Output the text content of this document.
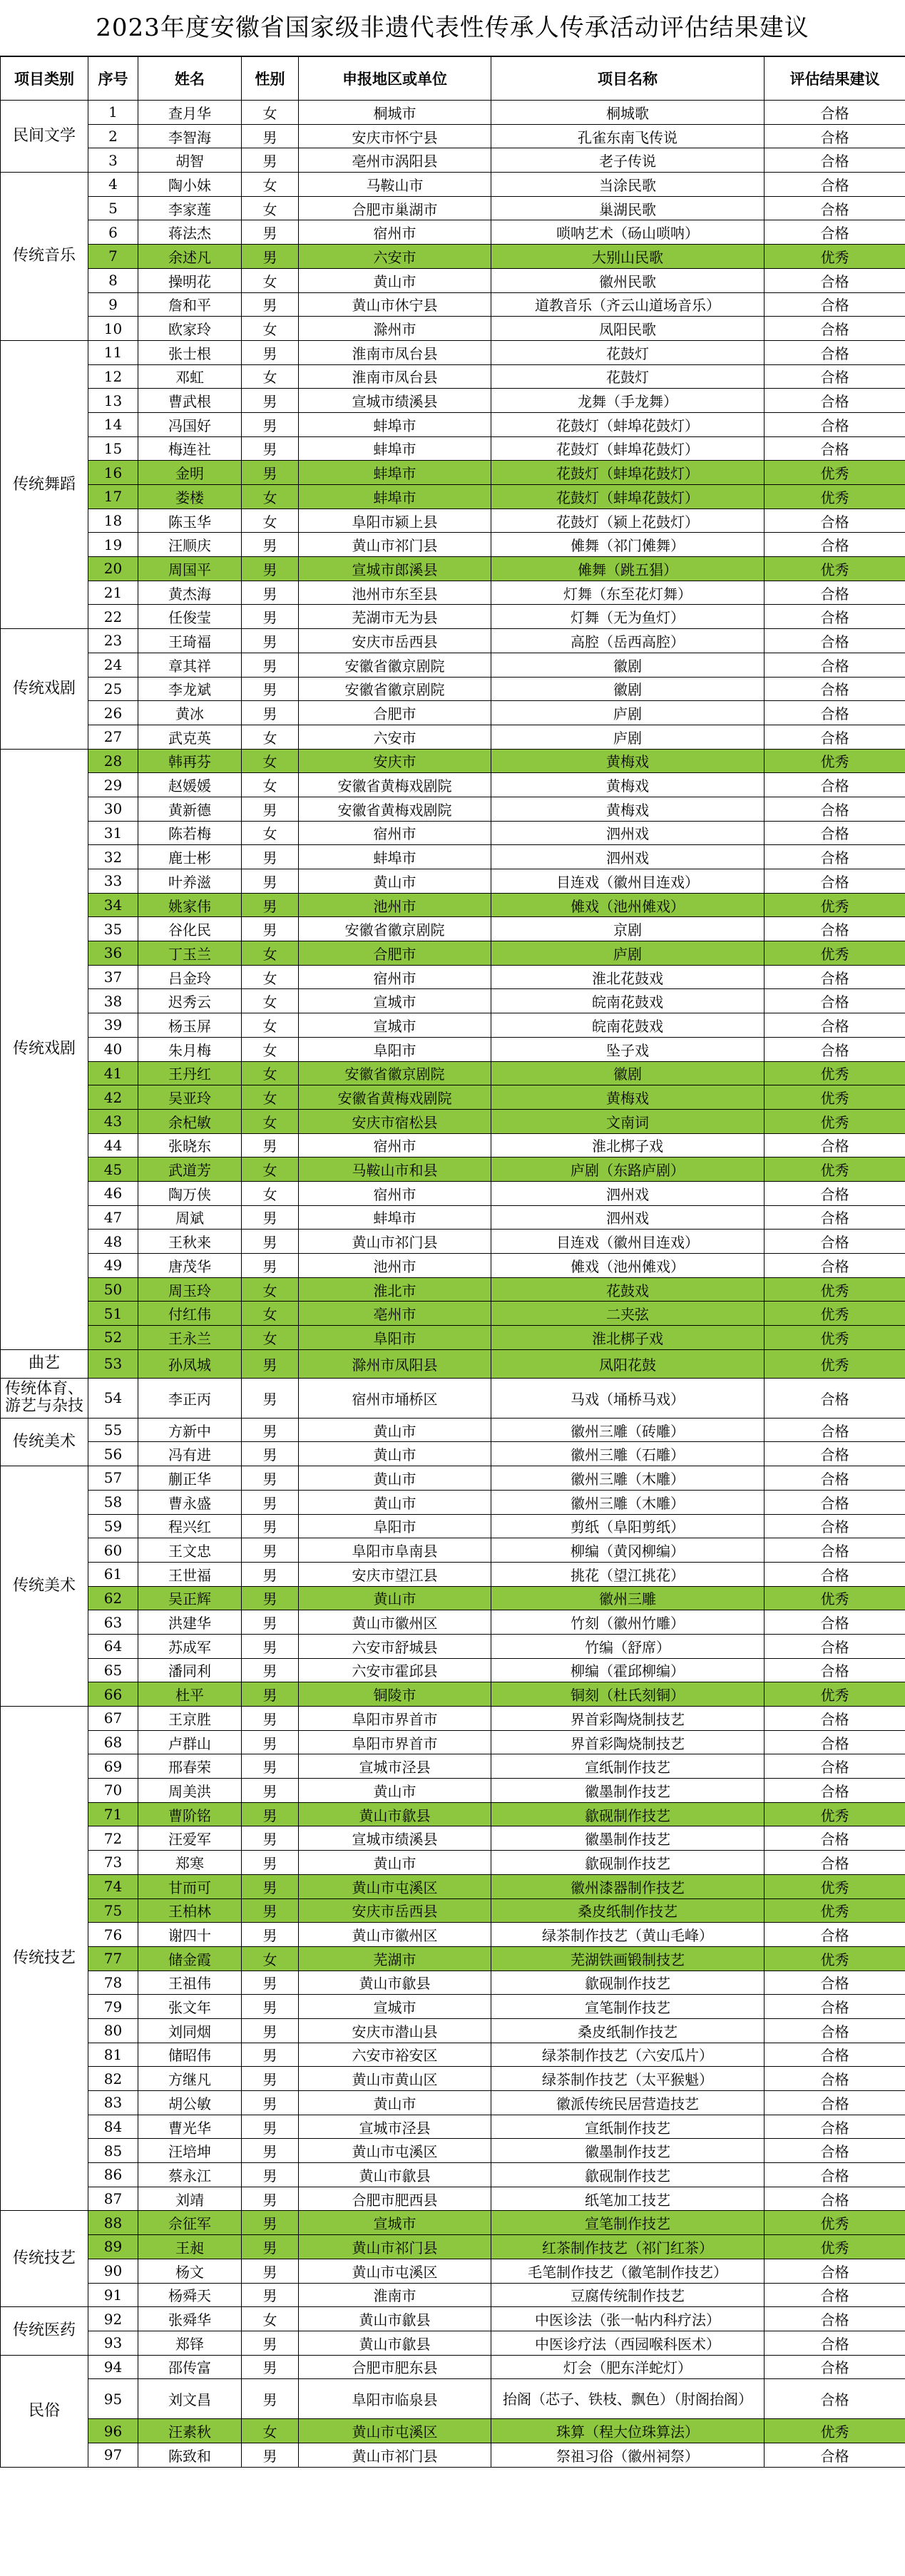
2023年度安徽省国家级非遗代表性传承人传承活动评估结果建议
项目类别	序号	姓名	性别	申报地区或单位	项目名称	评估结果建议
民间文学	1	查月华	女	桐城市	桐城歌	合格
	2	李智海	男	安庆市怀宁县	孔雀东南飞传说	合格
	3	胡智	男	亳州市涡阳县	老子传说	合格
传统音乐	4	陶小妹	女	马鞍山市	当涂民歌	合格
	5	李家莲	女	合肥市巢湖市	巢湖民歌	合格
	6	蒋法杰	男	宿州市	唢呐艺术（砀山唢呐）	合格
	7	余述凡	男	六安市	大别山民歌	优秀
	8	操明花	女	黄山市	徽州民歌	合格
	9	詹和平	男	黄山市休宁县	道教音乐（齐云山道场音乐）	合格
	10	欧家玲	女	滁州市	凤阳民歌	合格
传统舞蹈	11	张士根	男	淮南市凤台县	花鼓灯	合格
	12	邓虹	女	淮南市凤台县	花鼓灯	合格
	13	曹武根	男	宣城市绩溪县	龙舞（手龙舞）	合格
	14	冯国好	男	蚌埠市	花鼓灯（蚌埠花鼓灯）	合格
	15	梅连社	男	蚌埠市	花鼓灯（蚌埠花鼓灯）	合格
	16	金明	男	蚌埠市	花鼓灯（蚌埠花鼓灯）	优秀
	17	娄楼	女	蚌埠市	花鼓灯（蚌埠花鼓灯）	优秀
	18	陈玉华	女	阜阳市颍上县	花鼓灯（颍上花鼓灯）	合格
	19	汪顺庆	男	黄山市祁门县	傩舞（祁门傩舞）	合格
	20	周国平	男	宣城市郎溪县	傩舞（跳五猖）	优秀
	21	黄杰海	男	池州市东至县	灯舞（东至花灯舞）	合格
	22	任俊莹	男	芜湖市无为县	灯舞（无为鱼灯）	合格
传统戏剧	23	王琦福	男	安庆市岳西县	高腔（岳西高腔）	合格
	24	章其祥	男	安徽省徽京剧院	徽剧	合格
	25	李龙斌	男	安徽省徽京剧院	徽剧	合格
	26	黄冰	男	合肥市	庐剧	合格
	27	武克英	女	六安市	庐剧	合格
传统戏剧	28	韩再芬	女	安庆市	黄梅戏	优秀
	29	赵媛媛	女	安徽省黄梅戏剧院	黄梅戏	合格
	30	黄新德	男	安徽省黄梅戏剧院	黄梅戏	合格
	31	陈若梅	女	宿州市	泗州戏	合格
	32	鹿士彬	男	蚌埠市	泗州戏	合格
	33	叶养滋	男	黄山市	目连戏（徽州目连戏）	合格
	34	姚家伟	男	池州市	傩戏（池州傩戏）	优秀
	35	谷化民	男	安徽省徽京剧院	京剧	合格
	36	丁玉兰	女	合肥市	庐剧	优秀
	37	吕金玲	女	宿州市	淮北花鼓戏	合格
	38	迟秀云	女	宣城市	皖南花鼓戏	合格
	39	杨玉屏	女	宣城市	皖南花鼓戏	合格
	40	朱月梅	女	阜阳市	坠子戏	合格
	41	王丹红	女	安徽省徽京剧院	徽剧	优秀
	42	吴亚玲	女	安徽省黄梅戏剧院	黄梅戏	优秀
	43	余杞敏	女	安庆市宿松县	文南词	优秀
	44	张晓东	男	宿州市	淮北梆子戏	合格
	45	武道芳	女	马鞍山市和县	庐剧（东路庐剧）	优秀
	46	陶万侠	女	宿州市	泗州戏	合格
	47	周斌	男	蚌埠市	泗州戏	合格
	48	王秋来	男	黄山市祁门县	目连戏（徽州目连戏）	合格
	49	唐茂华	男	池州市	傩戏（池州傩戏）	合格
	50	周玉玲	女	淮北市	花鼓戏	优秀
	51	付红伟	女	亳州市	二夹弦	优秀
	52	王永兰	女	阜阳市	淮北梆子戏	优秀
曲艺	53	孙凤城	男	滁州市凤阳县	凤阳花鼓	优秀
传统体育、游艺与杂技	54	李正丙	男	宿州市埇桥区	马戏（埇桥马戏）	合格
传统美术	55	方新中	男	黄山市	徽州三雕（砖雕）	合格
	56	冯有进	男	黄山市	徽州三雕（石雕）	合格
传统美术	57	蒯正华	男	黄山市	徽州三雕（木雕）	合格
	58	曹永盛	男	黄山市	徽州三雕（木雕）	合格
	59	程兴红	男	阜阳市	剪纸（阜阳剪纸）	合格
	60	王文忠	男	阜阳市阜南县	柳编（黄冈柳编）	合格
	61	王世福	男	安庆市望江县	挑花（望江挑花）	合格
	62	吴正辉	男	黄山市	徽州三雕	优秀
	63	洪建华	男	黄山市徽州区	竹刻（徽州竹雕）	合格
	64	苏成军	男	六安市舒城县	竹编（舒席）	合格
	65	潘同利	男	六安市霍邱县	柳编（霍邱柳编）	合格
	66	杜平	男	铜陵市	铜刻（杜氏刻铜）	优秀
传统技艺	67	王京胜	男	阜阳市界首市	界首彩陶烧制技艺	合格
	68	卢群山	男	阜阳市界首市	界首彩陶烧制技艺	合格
	69	邢春荣	男	宣城市泾县	宣纸制作技艺	合格
	70	周美洪	男	黄山市	徽墨制作技艺	合格
	71	曹阶铭	男	黄山市歙县	歙砚制作技艺	优秀
	72	汪爱军	男	宣城市绩溪县	徽墨制作技艺	合格
	73	郑寒	男	黄山市	歙砚制作技艺	合格
	74	甘而可	男	黄山市屯溪区	徽州漆器制作技艺	优秀
	75	王柏林	男	安庆市岳西县	桑皮纸制作技艺	优秀
	76	谢四十	男	黄山市徽州区	绿茶制作技艺（黄山毛峰）	合格
	77	储金霞	女	芜湖市	芜湖铁画锻制技艺	优秀
	78	王祖伟	男	黄山市歙县	歙砚制作技艺	合格
	79	张文年	男	宣城市	宣笔制作技艺	合格
	80	刘同烟	男	安庆市潜山县	桑皮纸制作技艺	合格
	81	储昭伟	男	六安市裕安区	绿茶制作技艺（六安瓜片）	合格
	82	方继凡	男	黄山市黄山区	绿茶制作技艺（太平猴魁）	合格
	83	胡公敏	男	黄山市	徽派传统民居营造技艺	合格
	84	曹光华	男	宣城市泾县	宣纸制作技艺	合格
	85	汪培坤	男	黄山市屯溪区	徽墨制作技艺	合格
	86	蔡永江	男	黄山市歙县	歙砚制作技艺	合格
	87	刘靖	男	合肥市肥西县	纸笔加工技艺	合格
传统技艺	88	佘征军	男	宣城市	宣笔制作技艺	优秀
	89	王昶	男	黄山市祁门县	红茶制作技艺（祁门红茶）	优秀
	90	杨文	男	黄山市屯溪区	毛笔制作技艺（徽笔制作技艺）	合格
	91	杨舜天	男	淮南市	豆腐传统制作技艺	合格
传统医药	92	张舜华	女	黄山市歙县	中医诊法（张一帖内科疗法）	合格
	93	郑铎	男	黄山市歙县	中医诊疗法（西园喉科医术）	合格
民俗	94	邵传富	男	合肥市肥东县	灯会（肥东洋蛇灯）	合格
	95	刘文昌	男	阜阳市临泉县	抬阁（芯子、铁枝、飘色）（肘阁抬阁）	合格
	96	汪素秋	女	黄山市屯溪区	珠算（程大位珠算法）	优秀
	97	陈致和	男	黄山市祁门县	祭祖习俗（徽州祠祭）	合格
